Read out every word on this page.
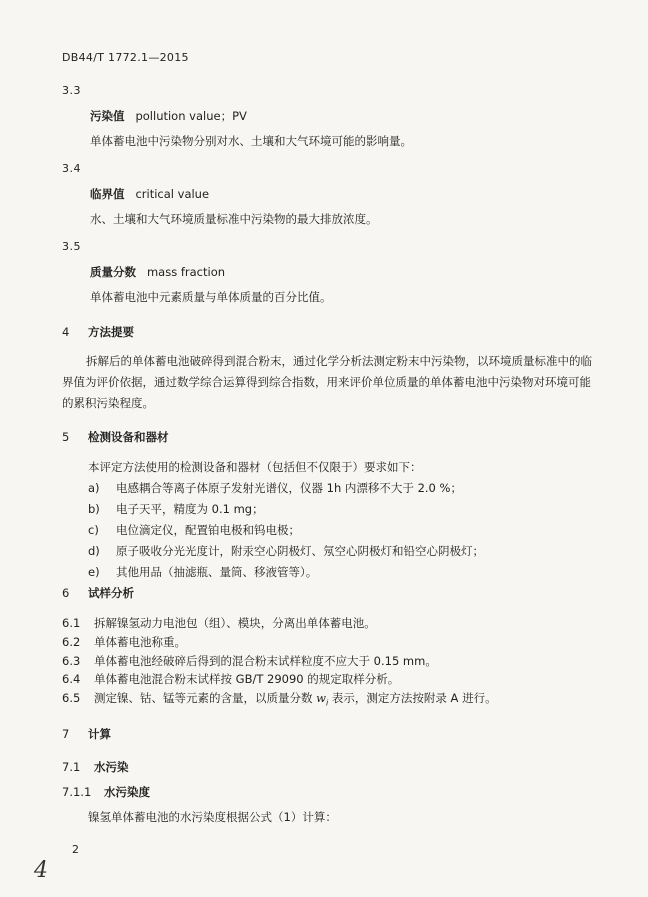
DB44/T 1772.1—2015
3.3
污染值 pollution value；PV
单体蓄电池中污染物分别对水、土壤和大气环境可能的影响量。
3.4
临界值 critical value
水、土壤和大气环境质量标准中污染物的最大排放浓度。
3.5
质量分数 mass fraction
单体蓄电池中元素质量与单体质量的百分比值。
4 方法提要
拆解后的单体蓄电池破碎得到混合粉末，通过化学分析法测定粉末中污染物，以环境质量标准中的临界值为评价依据，通过数学综合运算得到综合指数，用来评价单位质量的单体蓄电池中污染物对环境可能的累积污染程度。
5 检测设备和器材
本评定方法使用的检测设备和器材（包括但不仅限于）要求如下：
a) 电感耦合等离子体原子发射光谱仪，仪器 1h 内漂移不大于 2.0 %；
b) 电子天平，精度为 0.1 mg；
c) 电位滴定仪，配置铂电极和钨电极；
d) 原子吸收分光光度计，附汞空心阴极灯、氖空心阴极灯和铅空心阴极灯；
e) 其他用品（抽滤瓶、量筒、移液管等）。
6 试样分析
6.1 拆解镍氢动力电池包（组）、模块，分离出单体蓄电池。
6.2 单体蓄电池称重。
6.3 单体蓄电池经破碎后得到的混合粉末试样粒度不应大于 0.15 mm。
6.4 单体蓄电池混合粉末试样按 GB/T 29090 的规定取样分析。
6.5 测定镍、钴、锰等元素的含量，以质量分数 $w_i$ 表示，测定方法按附录 A 进行。
7 计算
7.1 水污染
7.1.1 水污染度
镍氢单体蓄电池的水污染度根据公式（1）计算：
2
4
